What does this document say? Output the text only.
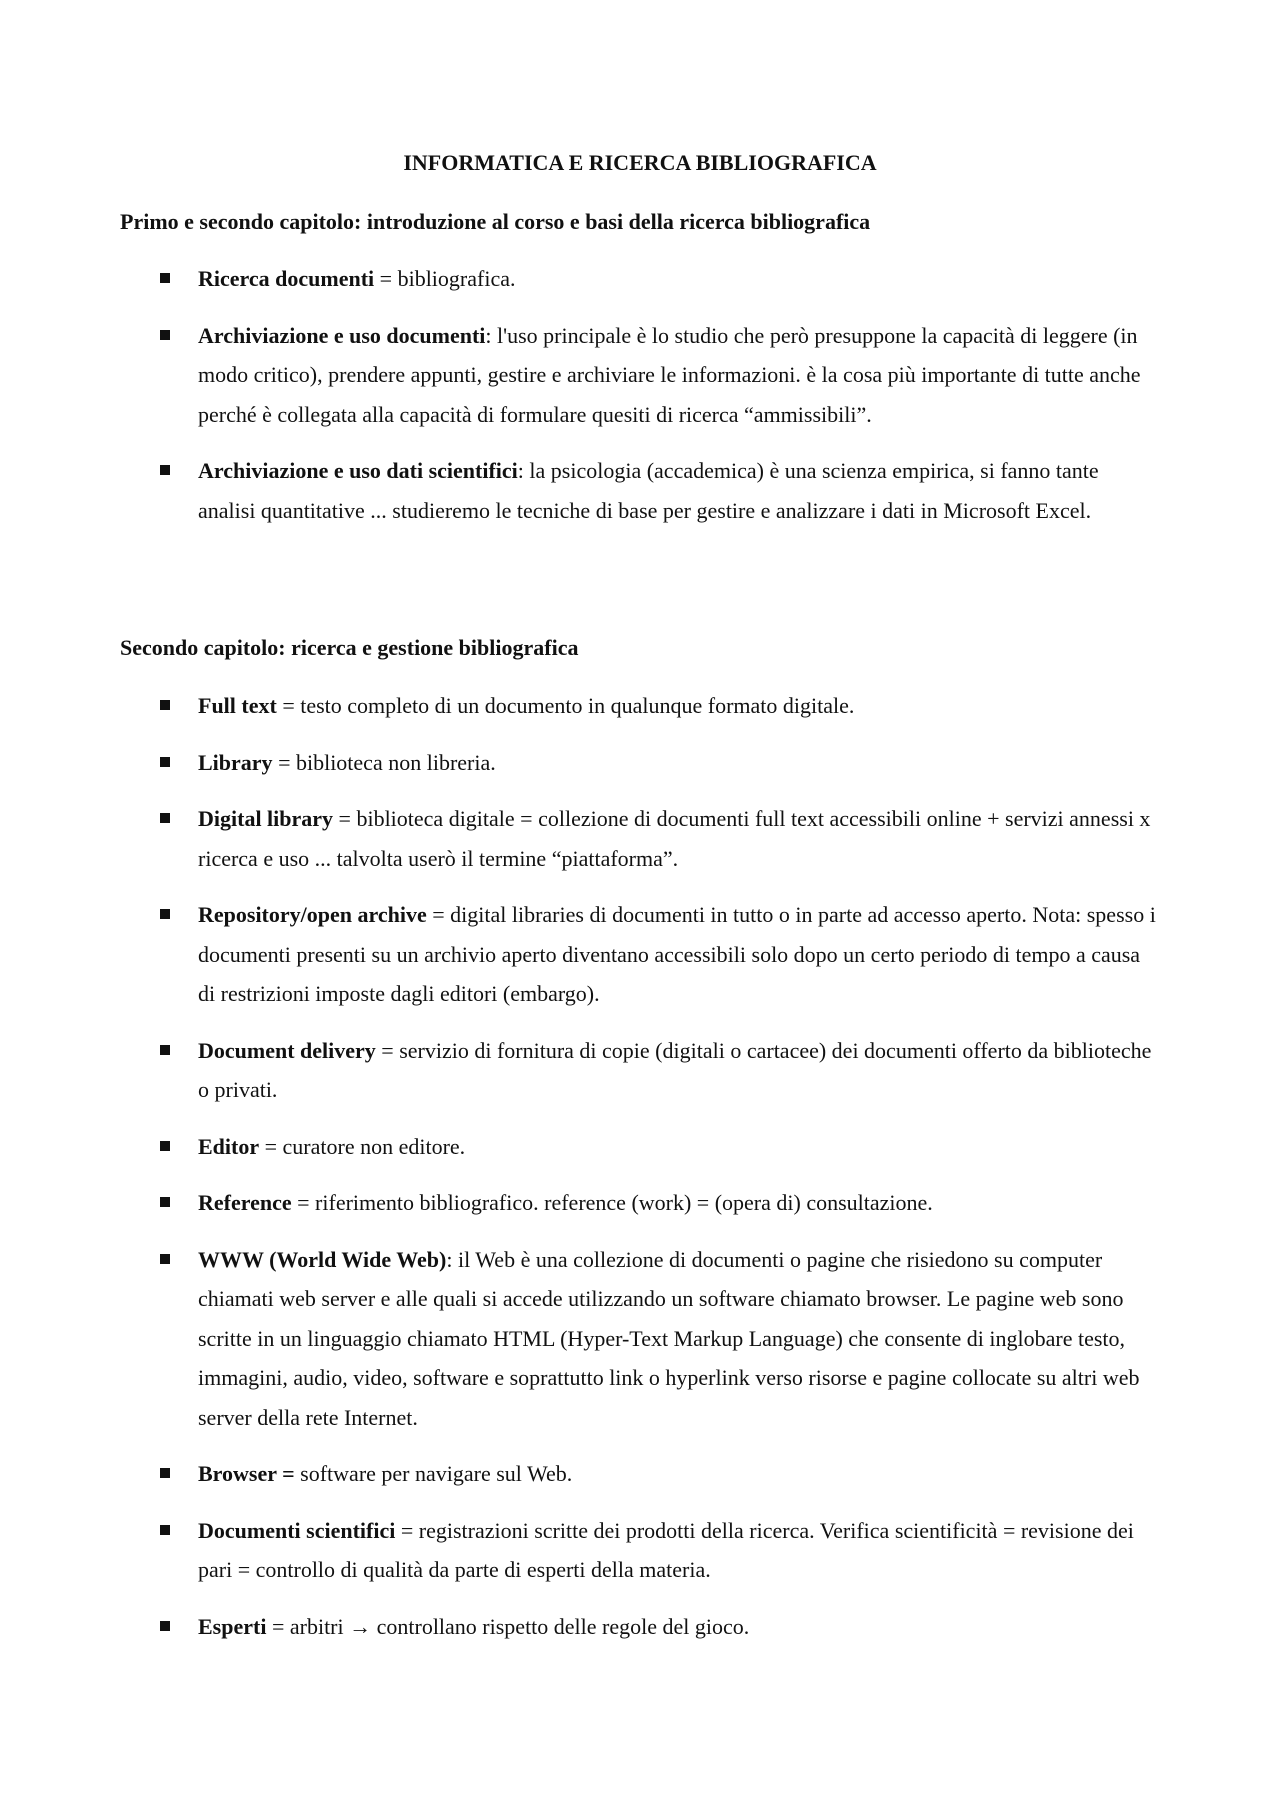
INFORMATICA E RICERCA BIBLIOGRAFICA
Primo e secondo capitolo: introduzione al corso e basi della ricerca bibliografica
Ricerca documenti = bibliografica.
Archiviazione e uso documenti: l'uso principale è lo studio che però presuppone la capacità di leggere (in modo critico), prendere appunti, gestire e archiviare le informazioni. è la cosa più importante di tutte anche perché è collegata alla capacità di formulare quesiti di ricerca “ammissibili”.
Archiviazione e uso dati scientifici: la psicologia (accademica) è una scienza empirica, si fanno tante analisi quantitative ... studieremo le tecniche di base per gestire e analizzare i dati in Microsoft Excel.
Secondo capitolo: ricerca e gestione bibliografica
Full text = testo completo di un documento in qualunque formato digitale.
Library = biblioteca non libreria.
Digital library = biblioteca digitale = collezione di documenti full text accessibili online + servizi annessi x ricerca e uso ... talvolta userò il termine “piattaforma”.
Repository/open archive = digital libraries di documenti in tutto o in parte ad accesso aperto. Nota: spesso i documenti presenti su un archivio aperto diventano accessibili solo dopo un certo periodo di tempo a causa di restrizioni imposte dagli editori (embargo).
Document delivery = servizio di fornitura di copie (digitali o cartacee) dei documenti offerto da biblioteche o privati.
Editor = curatore non editore.
Reference = riferimento bibliografico. reference (work) = (opera di) consultazione.
WWW (World Wide Web): il Web è una collezione di documenti o pagine che risiedono su computer chiamati web server e alle quali si accede utilizzando un software chiamato browser. Le pagine web sono scritte in un linguaggio chiamato HTML (Hyper-Text Markup Language) che consente di inglobare testo, immagini, audio, video, software e soprattutto link o hyperlink verso risorse e pagine collocate su altri web server della rete Internet.
Browser = software per navigare sul Web.
Documenti scientifici = registrazioni scritte dei prodotti della ricerca. Verifica scientificità = revisione dei pari = controllo di qualità da parte di esperti della materia.
Esperti = arbitri → controllano rispetto delle regole del gioco.
